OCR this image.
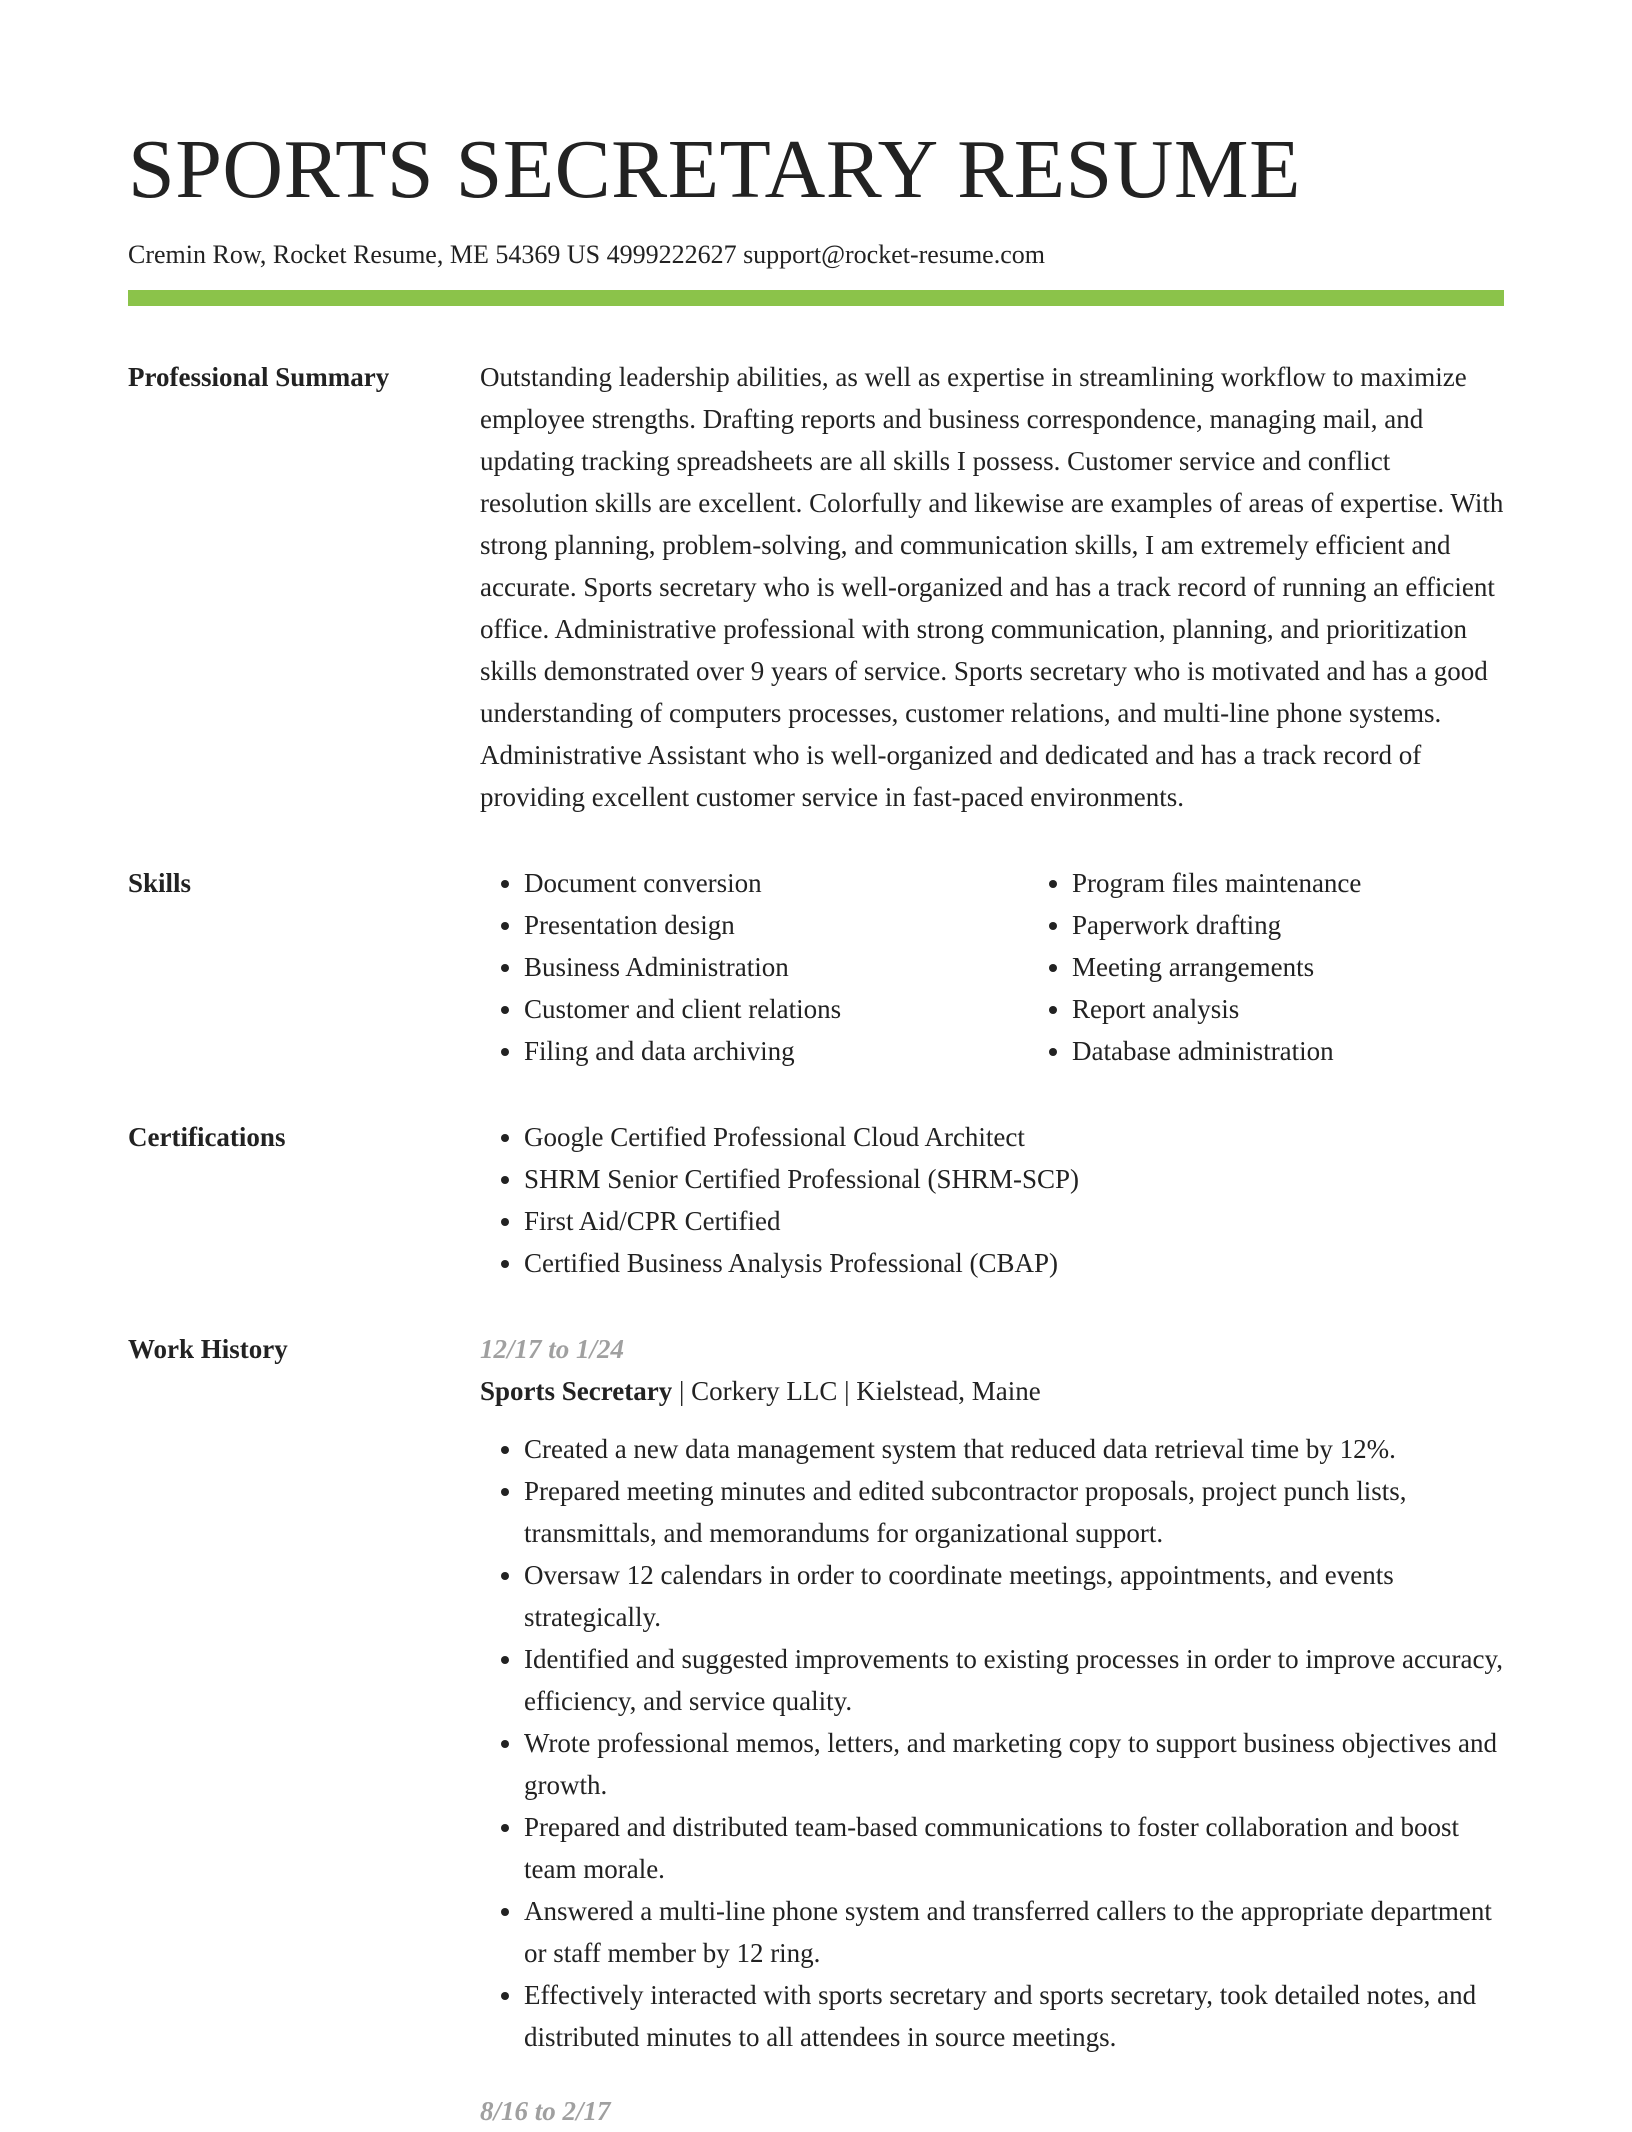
SPORTS SECRETARY RESUME
Cremin Row, Rocket Resume, ME 54369 US 4999222627 support@rocket-resume.com
Professional Summary	Outstanding leadership abilities, as well as expertise in streamlining workflow to maximize employee strengths. Drafting reports and business correspondence, managing mail, and updating tracking spreadsheets are all skills I possess. Customer service and conflict resolution skills are excellent. Colorfully and likewise are examples of areas of expertise. With strong planning, problem-solving, and communication skills, I am extremely efficient and accurate. Sports secretary who is well-organized and has a track record of running an efficient office. Administrative professional with strong communication, planning, and prioritization skills demonstrated over 9 years of service. Sports secretary who is motivated and has a good understanding of computers processes, customer relations, and multi-line phone systems. Administrative Assistant who is well-organized and dedicated and has a track record of providing excellent customer service in fast-paced environments.

Skills	• Document conversion
• Presentation design
• Business Administration
• Customer and client relations
• Filing and data archiving
• Program files maintenance
• Paperwork drafting
• Meeting arrangements
• Report analysis
• Database administration
Certifications	• Google Certified Professional Cloud Architect
• SHRM Senior Certified Professional (SHRM-SCP)
• First Aid/CPR Certified
• Certified Business Analysis Professional (CBAP)
Work History	12/17 to 1/24
Sports Secretary | Corkery LLC | Kielstead, Maine
• Created a new data management system that reduced data retrieval time by 12%.
• Prepared meeting minutes and edited subcontractor proposals, project punch lists, transmittals, and memorandums for organizational support.
• Oversaw 12 calendars in order to coordinate meetings, appointments, and events strategically.
• Identified and suggested improvements to existing processes in order to improve accuracy, efficiency, and service quality.
• Wrote professional memos, letters, and marketing copy to support business objectives and growth.
• Prepared and distributed team-based communications to foster collaboration and boost team morale.
• Answered a multi-line phone system and transferred callers to the appropriate department or staff member by 12 ring.
• Effectively interacted with sports secretary and sports secretary, took detailed notes, and distributed minutes to all attendees in source meetings.
8/16 to 2/17
